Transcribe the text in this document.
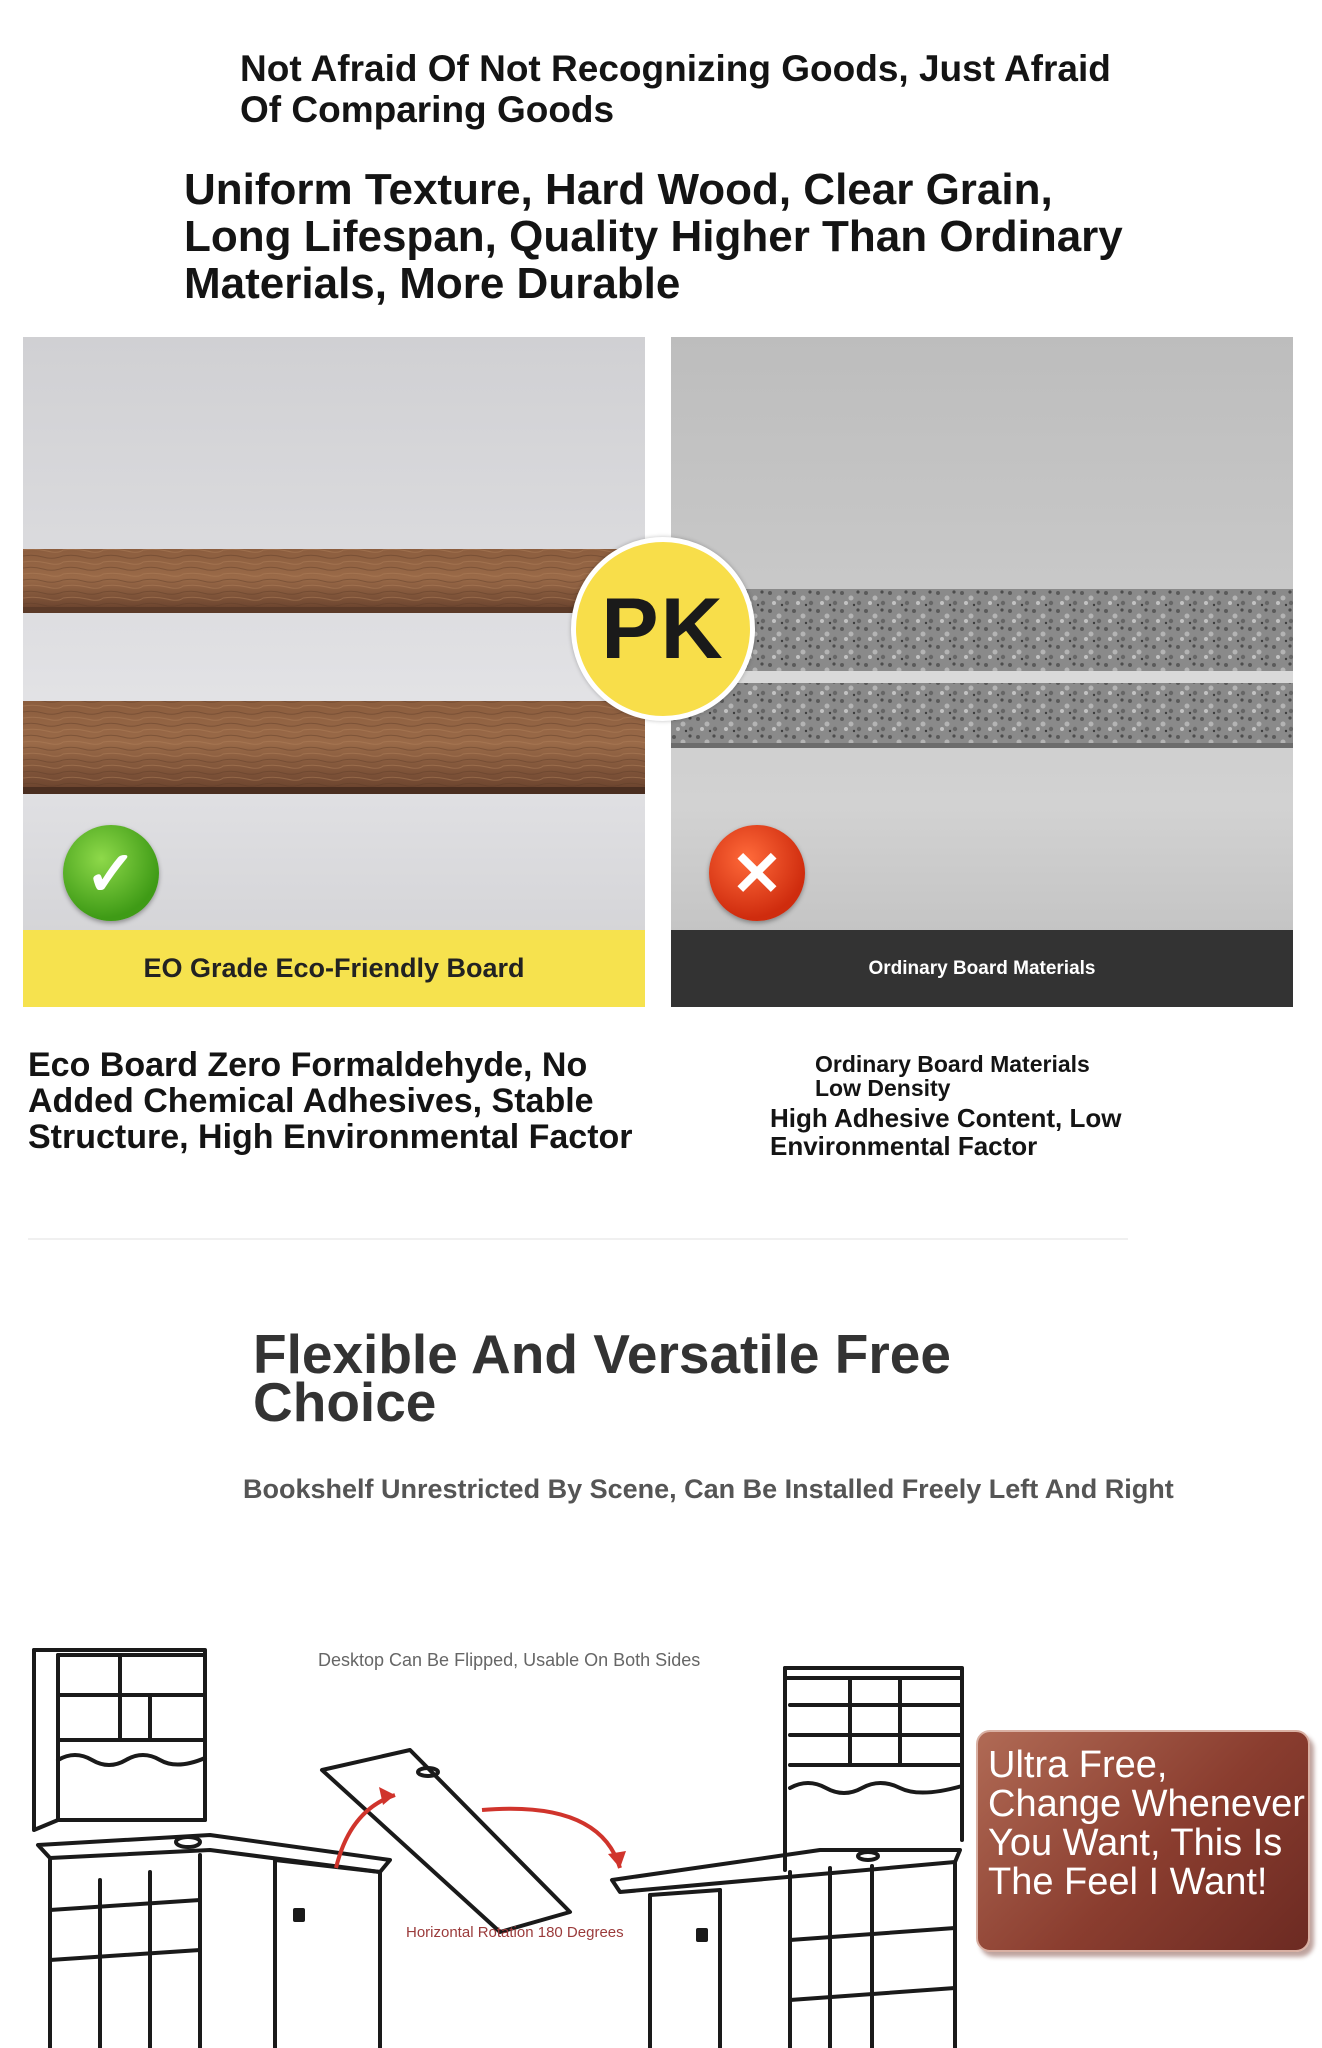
Not Afraid Of Not Recognizing Goods, Just Afraid Of Comparing Goods
Uniform Texture, Hard Wood, Clear Grain, Long Lifespan, Quality Higher Than Ordinary Materials, More Durable
✓
EO Grade Eco-Friendly Board
✕
Ordinary Board Materials
PK
Eco Board Zero Formaldehyde, No Added Chemical Adhesives, Stable Structure, High Environmental Factor
Ordinary Board Materials Low Density
High Adhesive Content, Low Environmental Factor
Flexible And Versatile Free Choice
Bookshelf Unrestricted By Scene, Can Be Installed Freely Left And Right
Desktop Can Be Flipped, Usable On Both Sides
Horizontal Rotation 180 Degrees
Ultra Free, Change Whenever You Want, This Is The Feel I Want!
